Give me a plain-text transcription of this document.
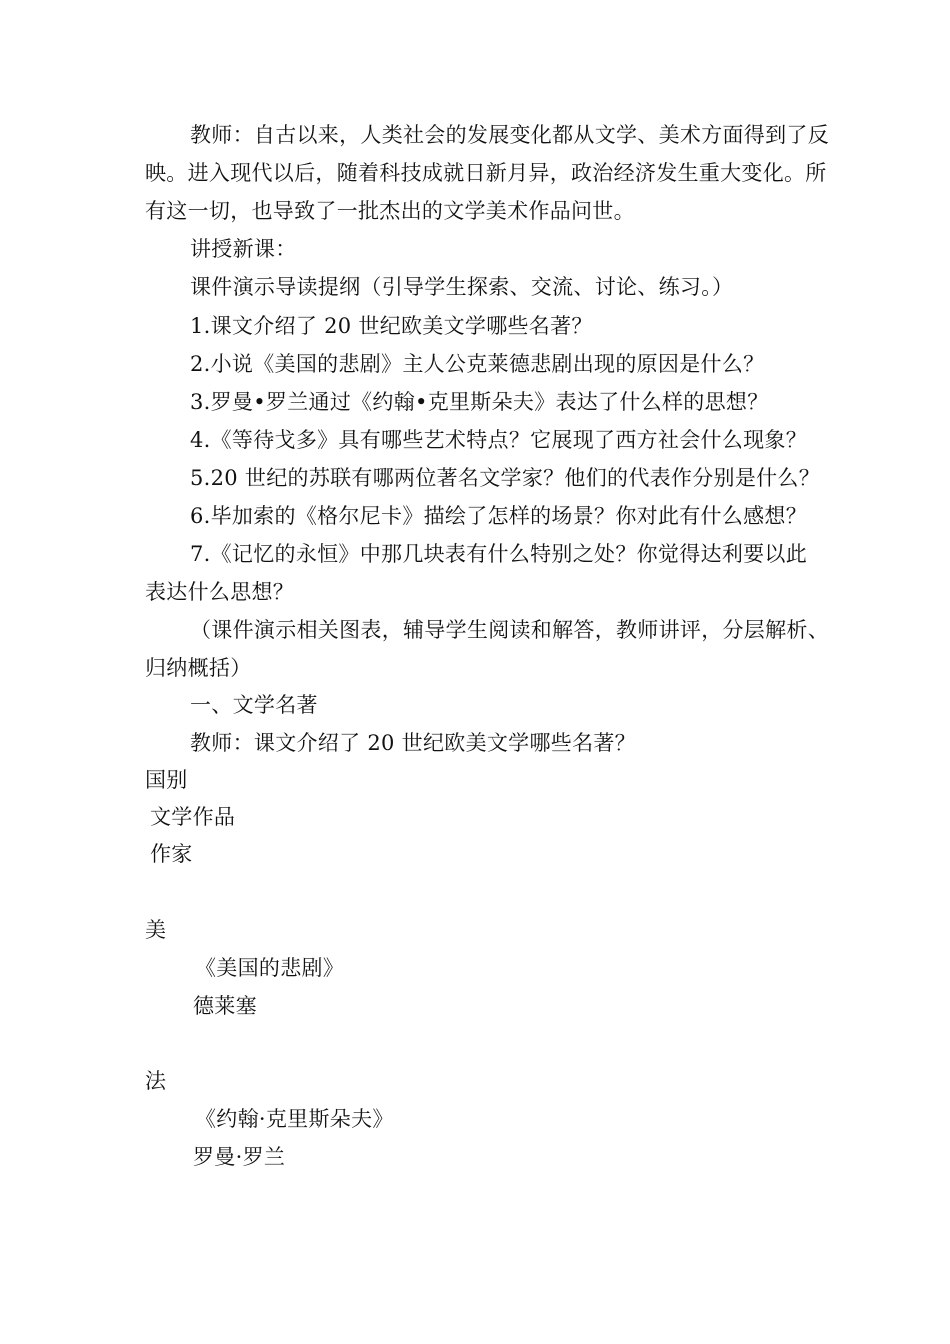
教师：自古以来，人类社会的发展变化都从文学、美术方面得到了反
映。进入现代以后，随着科技成就日新月异，政治经济发生重大变化。所
有这一切，也导致了一批杰出的文学美术作品问世。
讲授新课：
课件演示导读提纲（引导学生探索、交流、讨论、练习。）
1.课文介绍了 20 世纪欧美文学哪些名著？
2.小说《美国的悲剧》主人公克莱德悲剧出现的原因是什么？
3.罗曼•罗兰通过《约翰•克里斯朵夫》表达了什么样的思想？
4.《等待戈多》具有哪些艺术特点？它展现了西方社会什么现象？
5.20 世纪的苏联有哪两位著名文学家？他们的代表作分别是什么？
6.毕加索的《格尔尼卡》描绘了怎样的场景？你对此有什么感想？
7.《记忆的永恒》中那几块表有什么特别之处？你觉得达利要以此
表达什么思想？
（课件演示相关图表，辅导学生阅读和解答，教师讲评，分层解析、
归纳概括）
一、文学名著
教师：课文介绍了 20 世纪欧美文学哪些名著？
国别
文学作品
作家
美
《美国的悲剧》
德莱塞
法
《约翰·克里斯朵夫》
罗曼·罗兰
